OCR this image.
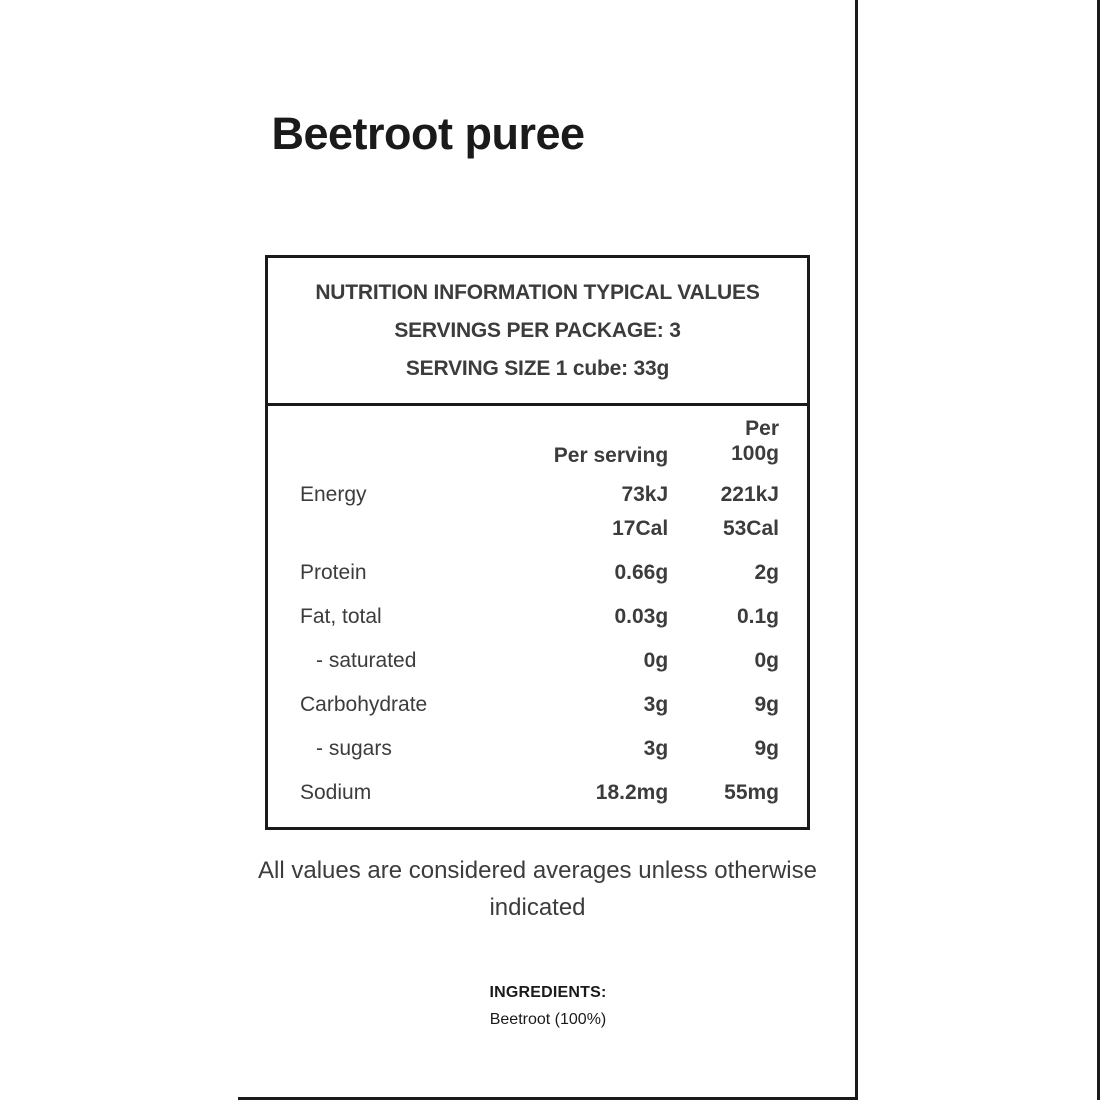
Beetroot puree
NUTRITION INFORMATION TYPICAL VALUES
SERVINGS PER PACKAGE: 3
SERVING SIZE 1 cube: 33g
	Per serving	Per
100g

Energy	73kJ	221kJ
	17Cal	53Cal
Protein	0.66g	2g
Fat, total	0.03g	0.1g
- saturated	0g	0g
Carbohydrate	3g	9g
- sugars	3g	9g
Sodium	18.2mg	55mg
All values are considered averages unless otherwise indicated
INGREDIENTS:
Beetroot (100%)
